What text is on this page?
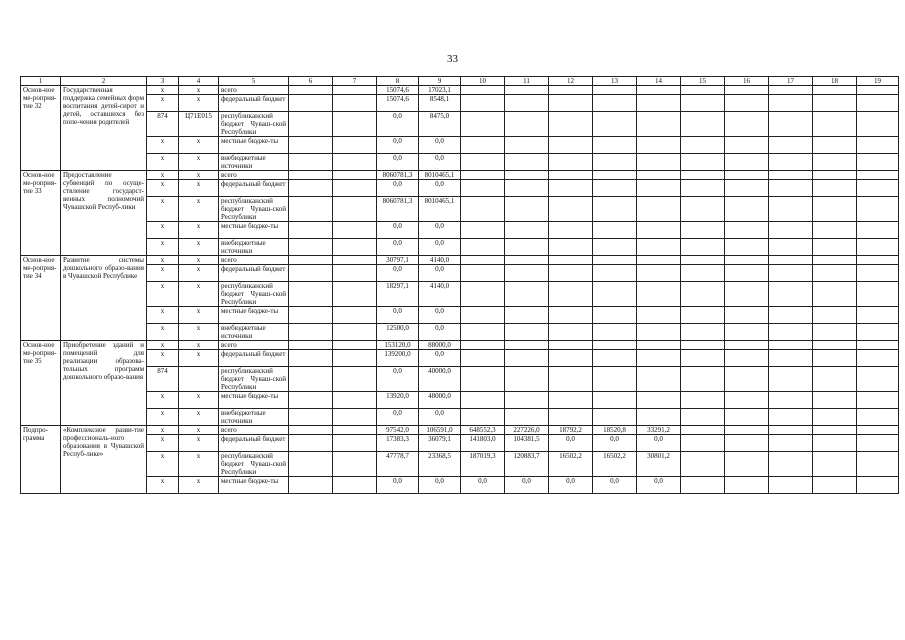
33
1	2	3	4	5	6	7	8	9	10	11	12	13	14	15	16	17	18	19
Основ-ное ме-роприя-тие 32	Государственная поддержка семейных форм воспитания детей-сирот и детей, оставшихся без попе-чения родителей	х	х	всего			15074,6	17023,1										
		х	х	федеральный бюджет			15074,6	8548,1										
		874	Ц71Е015	республиканский бюджет Чуваш-ской Республики			0,0	8475,0										
		х	х	местные бюдже-ты			0,0	0,0										
		х	х	внебюджетные источники			0,0	0,0										
Основ-ное ме-роприя-тие 33	Предоставление субвенций по осуще-ствление государст-венных полномочий Чувашской Респуб-лики	х	х	всего			8060781,3	8010465,1										
		х	х	федеральный бюджет			0,0	0,0										
		х	х	республиканский бюджет Чуваш-ской Республики			8060781,3	8010465,1										
		х	х	местные бюдже-ты			0,0	0,0										
		х	х	внебюджетные источники			0,0	0,0										
Основ-ное ме-роприя-тие 34	Развитие системы дошкольного образо-вания в Чувашской Республике	х	х	всего			30797,1	4140,0										
		х	х	федеральный бюджет			0,0	0,0										
		х	х	республиканский бюджет Чуваш-ской Республики			18297,1	4140,0										
		х	х	местные бюдже-ты			0,0	0,0										
		х	х	внебюджетные источники			12500,0	0,0										
Основ-ное ме-роприя-тие 35	Приобретение зданий и помещений для реализации образова-тельных программ дошкольного образо-вания	х	х	всего			153120,0	88000,0										
		х	х	федеральный бюджет			139200,0	0,0										
		874		республиканский бюджет Чуваш-ской Республики			0,0	40000,0										
		х	х	местные бюдже-ты			13920,0	48000,0										
		х	х	внебюджетные источники			0,0	0,0										
Подпро-грамма	«Комплексное разви-тие профессиональ-ного образования в Чувашской Респуб-лике»	х	х	всего			97542,0	106591,0	648552,3	227226,0	18792,2	18520,8	33291,2					
		х	х	федеральный бюджет			17383,3	36079,1	141803,0	104381,5	0,0	0,0	0,0					
		х	х	республиканский бюджет Чуваш-ской Республики			47778,7	23368,5	187019,3	120883,7	16502,2	16502,2	30801,2					
		х	х	местные бюдже-ты			0,0	0,0	0,0	0,0	0,0	0,0	0,0					
